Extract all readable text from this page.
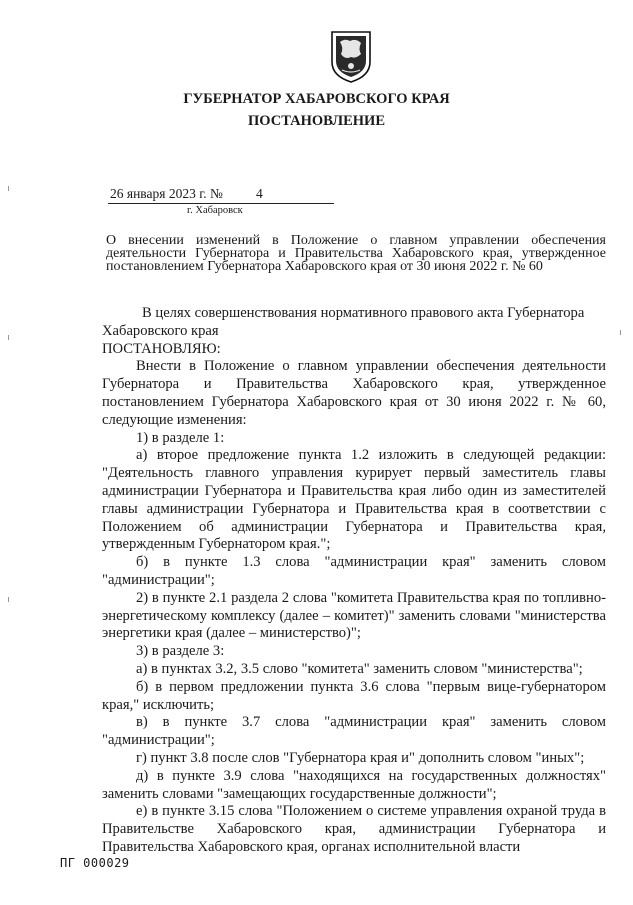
ГУБЕРНАТОР ХАБАРОВСКОГО КРАЯ
ПОСТАНОВЛЕНИЕ
26 января 2023 г. № 4
г. Хабаровск
О внесении изменений в Положение о главном управлении обеспечения деятельности Губернатора и Правительства Хабаровского края, утвержденное постановлением Губернатора Хабаровского края от 30 июня 2022 г. № 60

В целях совершенствования нормативного правового акта Губернатора Хабаровского края

ПОСТАНОВЛЯЮ:

Внести в Положение о главном управлении обеспечения деятельности Губернатора и Правительства Хабаровского края, утвержденное постановлением Губернатора Хабаровского края от 30 июня 2022 г. № 60, следующие изменения:

1) в разделе 1:

а) второе предложение пункта 1.2 изложить в следующей редакции: "Деятельность главного управления курирует первый заместитель главы администрации Губернатора и Правительства края либо один из заместителей главы администрации Губернатора и Правительства края в соответствии с Положением об администрации Губернатора и Правительства края, утвержденным Губернатором края.";

б) в пункте 1.3 слова "администрации края" заменить словом "администрации";

2) в пункте 2.1 раздела 2 слова "комитета Правительства края по топливно-энергетическому комплексу (далее – комитет)" заменить словами "министерства энергетики края (далее – министерство)";

3) в разделе 3:

а) в пунктах 3.2, 3.5 слово "комитета" заменить словом "министерства";

б) в первом предложении пункта 3.6 слова "первым вице-губернатором края," исключить;

в) в пункте 3.7 слова "администрации края" заменить словом "администрации";

г) пункт 3.8 после слов "Губернатора края и" дополнить словом "иных";

д) в пункте 3.9 слова "находящихся на государственных должностях" заменить словами "замещающих государственные должности";

е) в пункте 3.15 слова "Положением о системе управления охраной труда в Правительстве Хабаровского края, администрации Губернатора и Правительства Хабаровского края, органах исполнительной власти

ПГ 000029
